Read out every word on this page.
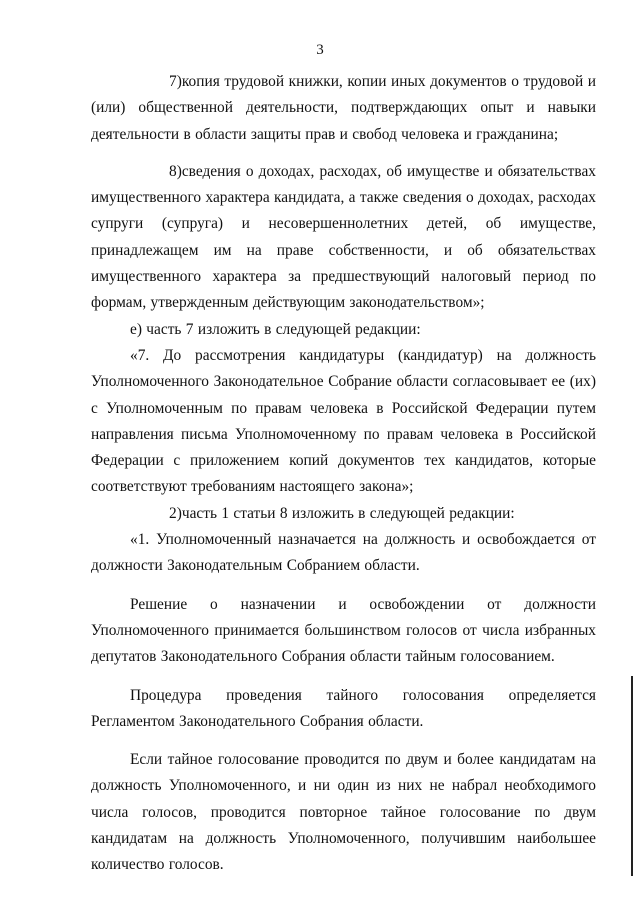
3

7)копия трудовой книжки, копии иных документов о трудовой и (или) общественной деятельности, подтверждающих опыт и навыки деятельности в области защиты прав и свобод человека и гражданина;

8)сведения о доходах, расходах, об имуществе и обязательствах имущественного характера кандидата, а также сведения о доходах, расходах супруги (супруга) и несовершеннолетних детей, об имуществе, принадлежащем им на праве собственности, и об обязательствах имущественного характера за предшествующий налоговый период по формам, утвержденным действующим законодательством»;

е) часть 7 изложить в следующей редакции:

«7. До рассмотрения кандидатуры (кандидатур) на должность Уполномоченного Законодательное Собрание области согласовывает ее (их) с Уполномоченным по правам человека в Российской Федерации путем направления письма Уполномоченному по правам человека в Российской Федерации с приложением копий документов тех кандидатов, которые соответствуют требованиям настоящего закона»;

2)часть 1 статьи 8 изложить в следующей редакции:

«1. Уполномоченный назначается на должность и освобождается от должности Законодательным Собранием области.

Решение о назначении и освобождении от должности Уполномоченного принимается большинством голосов от числа избранных депутатов Законодательного Собрания области тайным голосованием.

Процедура проведения тайного голосования определяется Регламентом Законодательного Собрания области.

Если тайное голосование проводится по двум и более кандидатам на должность Уполномоченного, и ни один из них не набрал необходимого числа голосов, проводится повторное тайное голосование по двум кандидатам на должность Уполномоченного, получившим наибольшее количество голосов.
